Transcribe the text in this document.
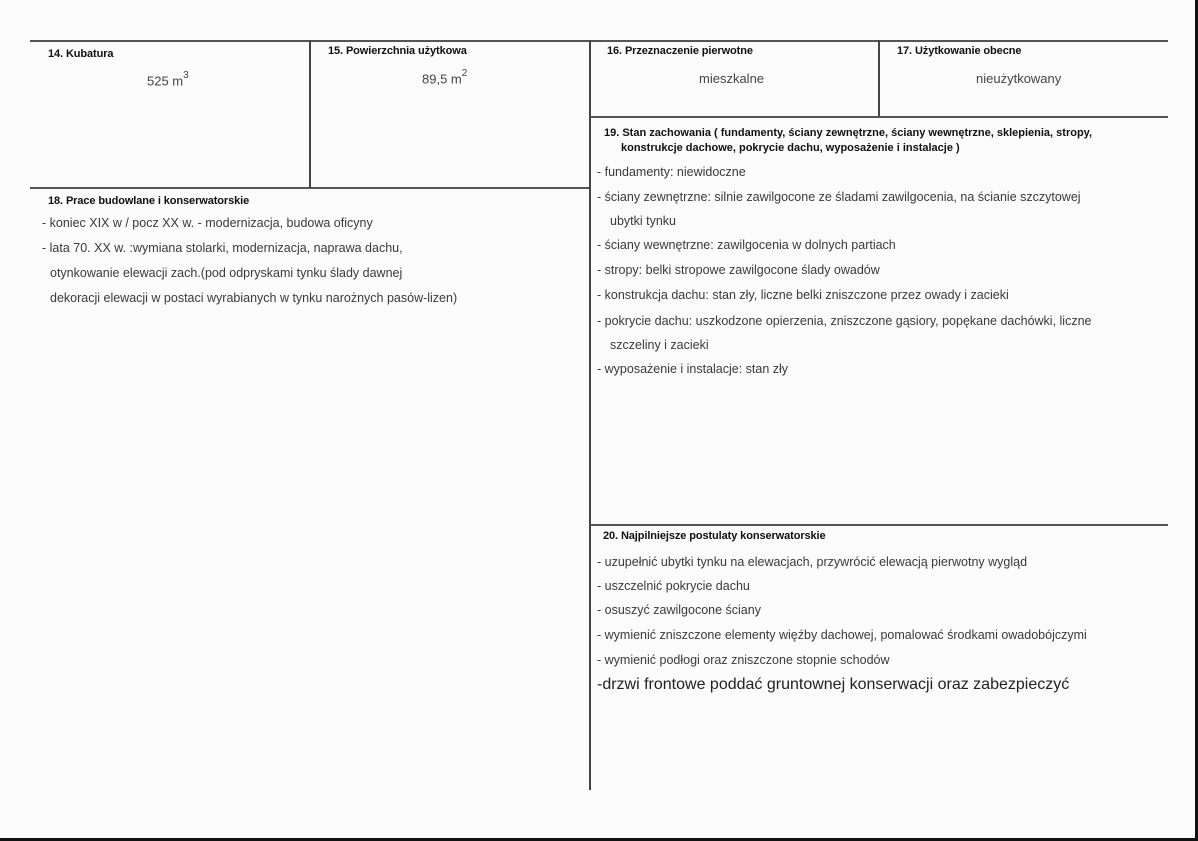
14. Kubatura
525 $m^3$
15. Powierzchnia użytkowa
89,5 $m^2$
16. Przeznaczenie pierwotne
mieszkalne
17. Użytkowanie obecne
nieużytkowany
18. Prace budowlane i konserwatorskie
- koniec XIX w / pocz XX w. - modernizacja, budowa oficyny
- lata 70. XX w. :wymiana stolarki, modernizacja, naprawa dachu,
otynkowanie elewacji zach.(pod odpryskami tynku ślady dawnej
dekoracji elewacji w postaci wyrabianych w tynku narożnych pasów-lizen)
19. Stan zachowania ( fundamenty, ściany zewnętrzne, ściany wewnętrzne, sklepienia, stropy,
konstrukcje dachowe, pokrycie dachu, wyposażenie i instalacje )
- fundamenty: niewidoczne
- ściany zewnętrzne: silnie zawilgocone ze śladami zawilgocenia, na ścianie szczytowej
ubytki tynku
- ściany wewnętrzne: zawilgocenia w dolnych partiach
- stropy: belki stropowe zawilgocone ślady owadów
- konstrukcja dachu: stan zły, liczne belki zniszczone przez owady i zacieki
- pokrycie dachu: uszkodzone opierzenia, zniszczone gąsiory, popękane dachówki, liczne
szczeliny i zacieki
- wyposażenie i instalacje: stan zły
20. Najpilniejsze postulaty konserwatorskie
- uzupełnić ubytki tynku na elewacjach, przywrócić elewacją pierwotny wygląd
- uszczelnić pokrycie dachu
- osuszyć zawilgocone ściany
- wymienić zniszczone elementy więźby dachowej, pomalować środkami owadobójczymi
- wymienić podłogi oraz zniszczone stopnie schodów
-drzwi frontowe poddać gruntownej konserwacji oraz zabezpieczyć
